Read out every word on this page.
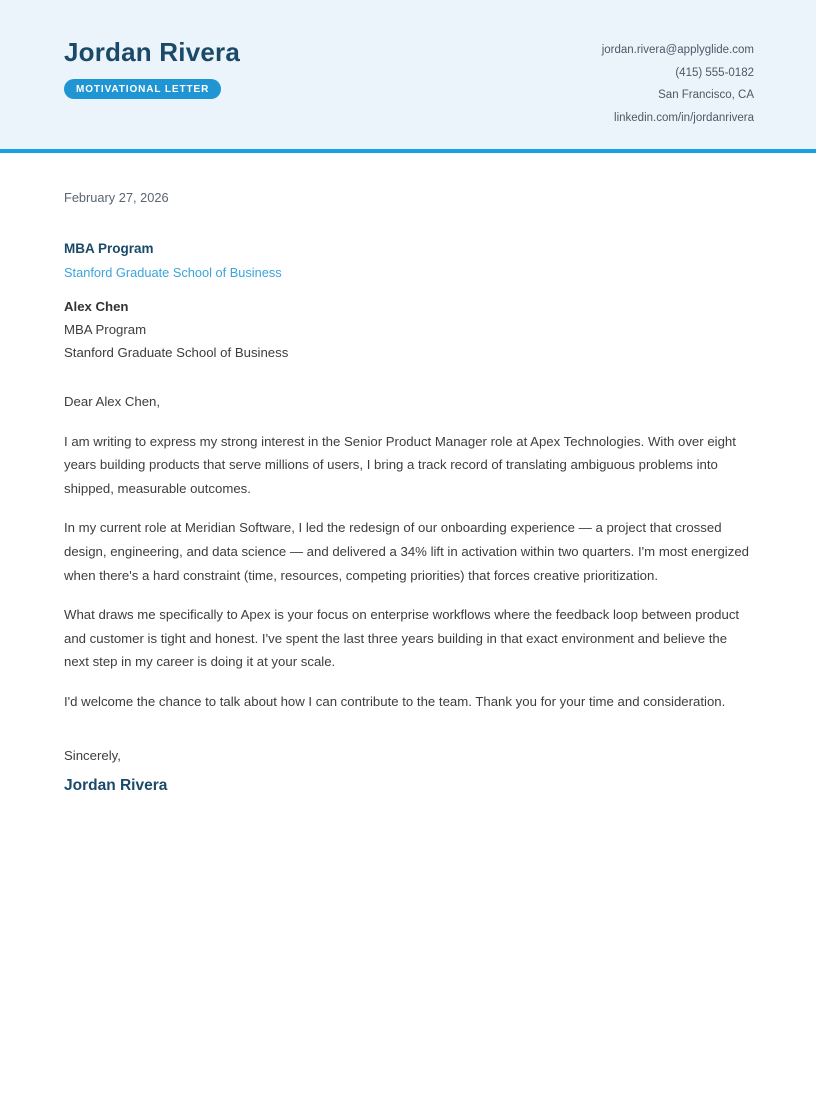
Jordan Rivera
MOTIVATIONAL LETTER
jordan.rivera@applyglide.com
(415) 555-0182
San Francisco, CA
linkedin.com/in/jordanrivera
February 27, 2026
MBA Program
Stanford Graduate School of Business
Alex Chen
MBA Program
Stanford Graduate School of Business

Dear Alex Chen,

I am writing to express my strong interest in the Senior Product Manager role at Apex Technologies. With over eight years building products that serve millions of users, I bring a track record of translating ambiguous problems into shipped, measurable outcomes.

In my current role at Meridian Software, I led the redesign of our onboarding experience — a project that crossed design, engineering, and data science — and delivered a 34% lift in activation within two quarters. I'm most energized when there's a hard constraint (time, resources, competing priorities) that forces creative prioritization.

What draws me specifically to Apex is your focus on enterprise workflows where the feedback loop between product and customer is tight and honest. I've spent the last three years building in that exact environment and believe the next step in my career is doing it at your scale.

I'd welcome the chance to talk about how I can contribute to the team. Thank you for your time and consideration.

Sincerely,

Jordan Rivera
